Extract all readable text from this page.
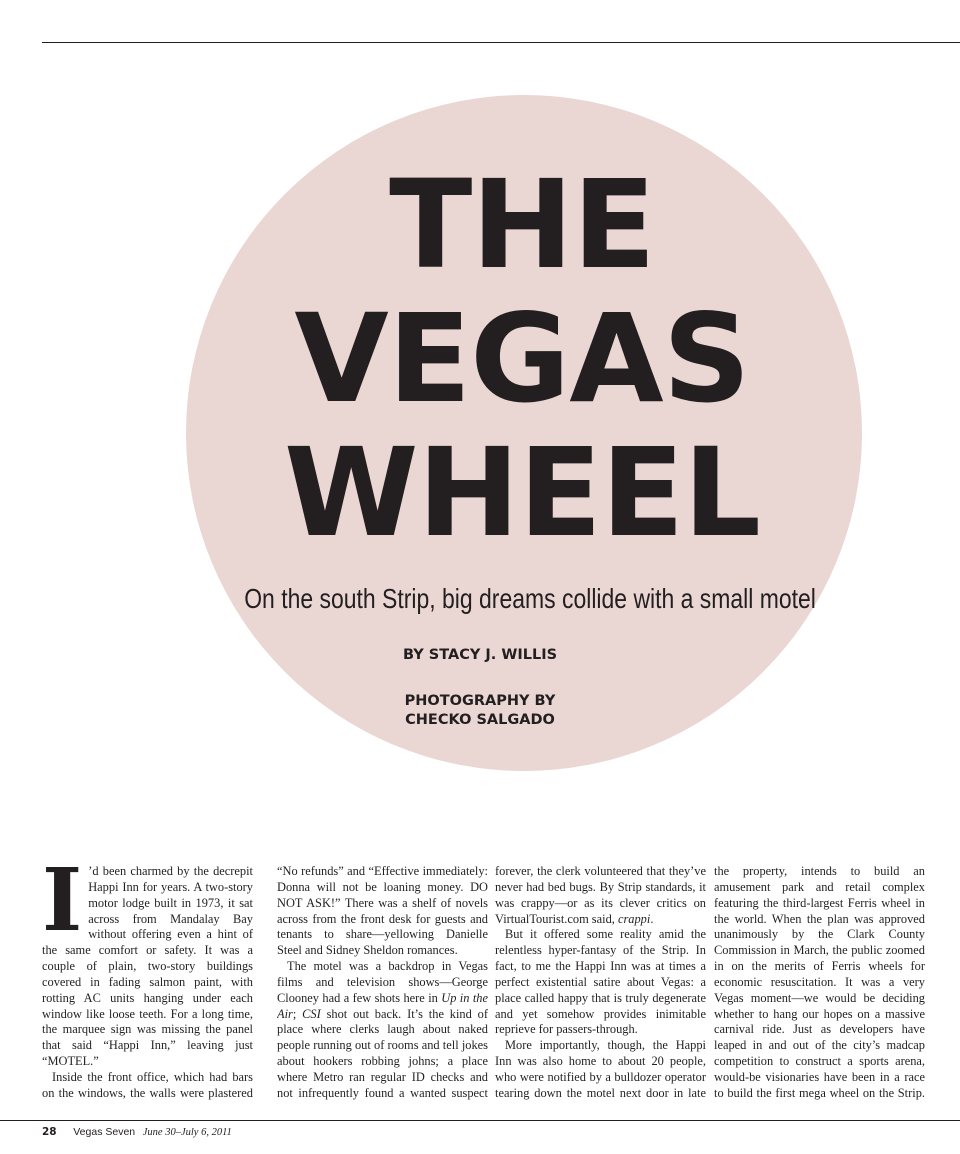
THE
VEGAS
WHEEL
On the south Strip, big dreams collide with a small motel
BY STACY J. WILLIS
PHOTOGRAPHY BY
CHECKO SALGADO
I ’d been charmed by the decrepit Happi Inn for years. A two-story motor lodge built in 1973, it sat across from Mandalay Bay without offering even a hint of the same comfort or safety. It was a couple of plain, two-story buildings covered in fading salmon paint, with rotting AC units hanging under each window like loose teeth. For a long time, the marquee sign was missing the panel that said “Happi Inn,” leaving just “MOTEL.”

Inside the front office, which had bars on the windows, the walls were plastered

“No refunds” and “Effective immediately: Donna will not be loaning money. DO NOT ASK!” There was a shelf of novels across from the front desk for guests and tenants to share—yellowing Danielle Steel and Sidney Sheldon romances.

The motel was a backdrop in Vegas films and television shows—George Clooney had a few shots here in Up in the Air; CSI shot out back. It’s the kind of place where clerks laugh about naked people running out of rooms and tell jokes about hookers robbing johns; a place where Metro ran regular ID checks and not infrequently found a wanted suspect

forever, the clerk volunteered that they’ve never had bed bugs. By Strip standards, it was crappy—or as its clever critics on VirtualTourist.com said, crappi.

But it offered some reality amid the relentless hyper-fantasy of the Strip. In fact, to me the Happi Inn was at times a perfect existential satire about Vegas: a place called happy that is truly degenerate and yet somehow provides inimitable reprieve for passers-through.

More importantly, though, the Happi Inn was also home to about 20 people, who were notified by a bulldozer operator tearing down the motel next door in late

the property, intends to build an amusement park and retail complex featuring the third-largest Ferris wheel in the world. When the plan was approved unanimously by the Clark County Commission in March, the public zoomed in on the merits of Ferris wheels for economic resuscitation. It was a very Vegas moment—we would be deciding whether to hang our hopes on a massive carnival ride. Just as developers have leaped in and out of the city’s madcap competition to construct a sports arena, would-be visionaries have been in a race to build the first mega wheel on the Strip.

28 Vegas Seven June 30–July 6, 2011
